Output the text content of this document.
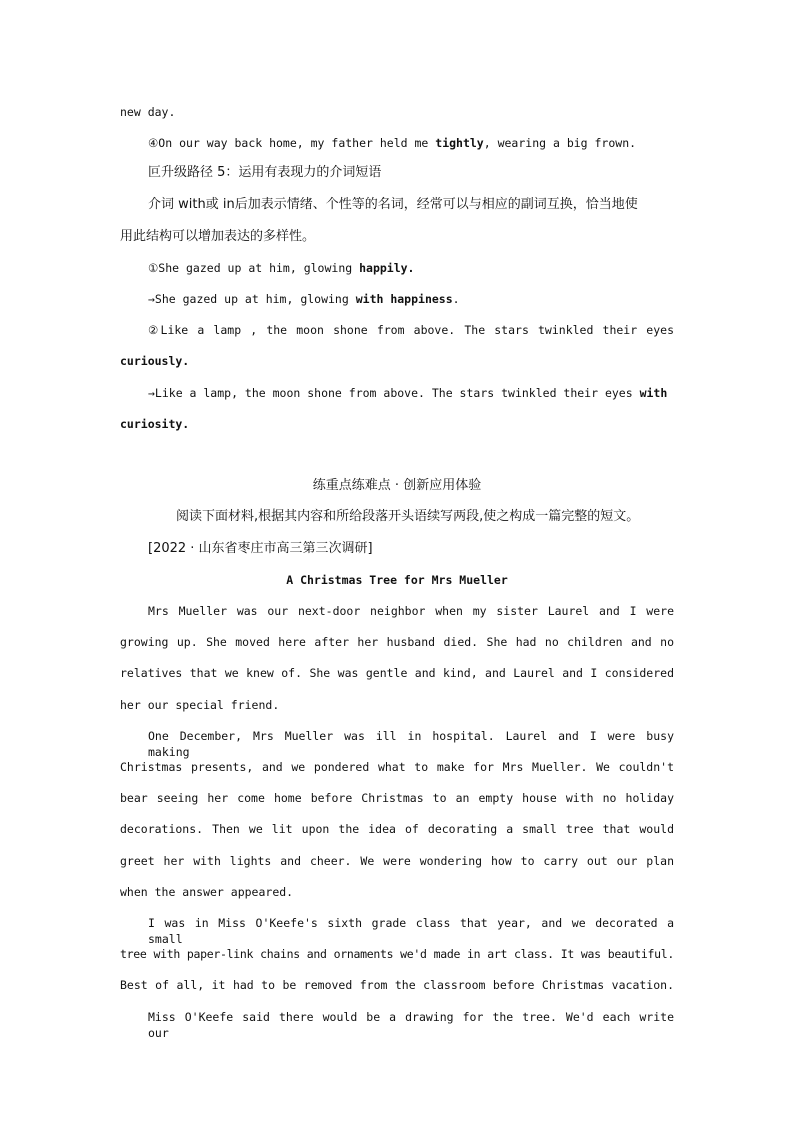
new day.
④On our way back home, my father held me tightly, wearing a big frown.
叵升级路径 5：运用有表现力的介词短语
介词 with或 in后加表示情绪、个性等的名词，经常可以与相应的副词互换，恰当地使
用此结构可以增加表达的多样性。
①She gazed up at him, glowing happily.
→She gazed up at him, glowing with happiness.
②Like a lamp , the moon shone from above. The stars twinkled their eyes
curiously.
→Like a lamp, the moon shone from above. The stars twinkled their eyes with
curiosity.
练重点练难点 · 创新应用体验
阅读下面材料,根据其内容和所给段落开头语续写两段,使之构成一篇完整的短文。
[2022 · 山东省枣庄市高三第三次调研]
A Christmas Tree for Mrs Mueller
Mrs Mueller was our next-door neighbor when my sister Laurel and I were
growing up. She moved here after her husband died. She had no children and no
relatives that we knew of. She was gentle and kind, and Laurel and I considered
her our special friend.
One December, Mrs Mueller was ill in hospital. Laurel and I were busy making
Christmas presents, and we pondered what to make for Mrs Mueller. We couldn't
bear seeing her come home before Christmas to an empty house with no holiday
decorations. Then we lit upon the idea of decorating a small tree that would
greet her with lights and cheer. We were wondering how to carry out our plan
when the answer appeared.
I was in Miss O'Keefe's sixth grade class that year, and we decorated a small
tree with paper-link chains and ornaments we'd made in art class. It was beautiful.
Best of all, it had to be removed from the classroom before Christmas vacation.
Miss O'Keefe said there would be a drawing for the tree. We'd each write our
